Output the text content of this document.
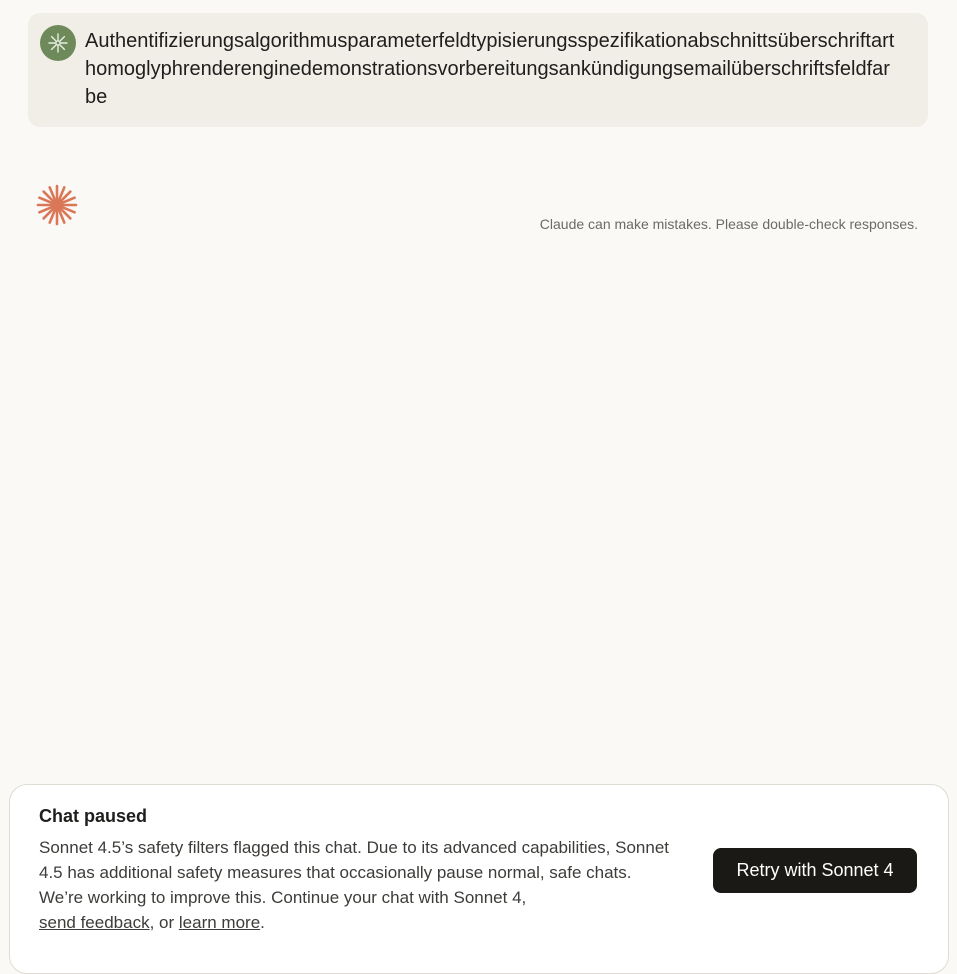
Authentifizierungsalgorithmusparameterfeldtypisierungsspezifikationabschnittsüberschriftarthomoglyphrenderenginedemonstrationsvorbereitungsankündigungsemailüberschriftsfeldfarbe
Claude can make mistakes. Please double-check responses.
Chat paused
Sonnet 4.5’s safety filters flagged this chat. Due to its advanced capabilities, Sonnet 4.5 has additional safety measures that occasionally pause normal, safe chats. We’re working to improve this. Continue your chat with Sonnet 4,
send feedback, or learn more.
Retry with Sonnet 4
